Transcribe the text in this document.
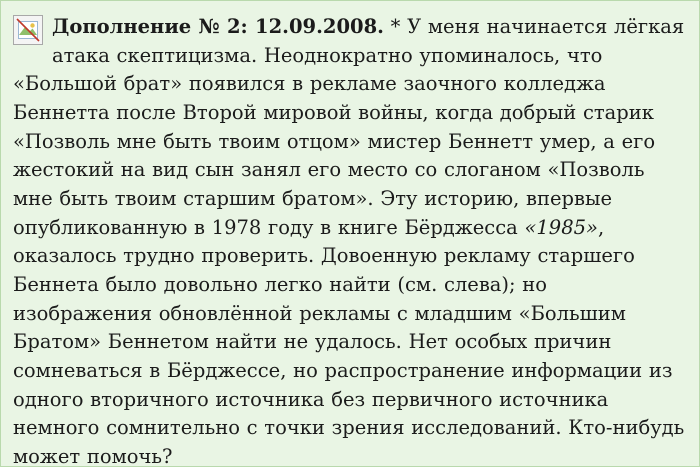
Дополнение № 2: 12.09.2008. * У меня начинается лёгкая атака скептицизма. Неоднократно упоминалось, что «Большой брат» появился в рекламе заочного колледжа Беннетта после Второй мировой войны, когда добрый старик «Позволь мне быть твоим отцом» мистер Беннетт умер, а его жестокий на вид сын занял его место со слоганом «Позволь мне быть твоим старшим братом». Эту историю, впервые опубликованную в 1978 году в книге Бёрджесса «1985», оказалось трудно проверить. Довоенную рекламу старшего Беннета было довольно легко найти (см. слева); но изображения обновлённой рекламы с младшим «Большим Братом» Беннетом найти не удалось. Нет особых причин сомневаться в Бёрджессе, но распространение информации из одного вторичного источника без первичного источника немного сомнительно с точки зрения исследований. Кто-нибудь может помочь?
